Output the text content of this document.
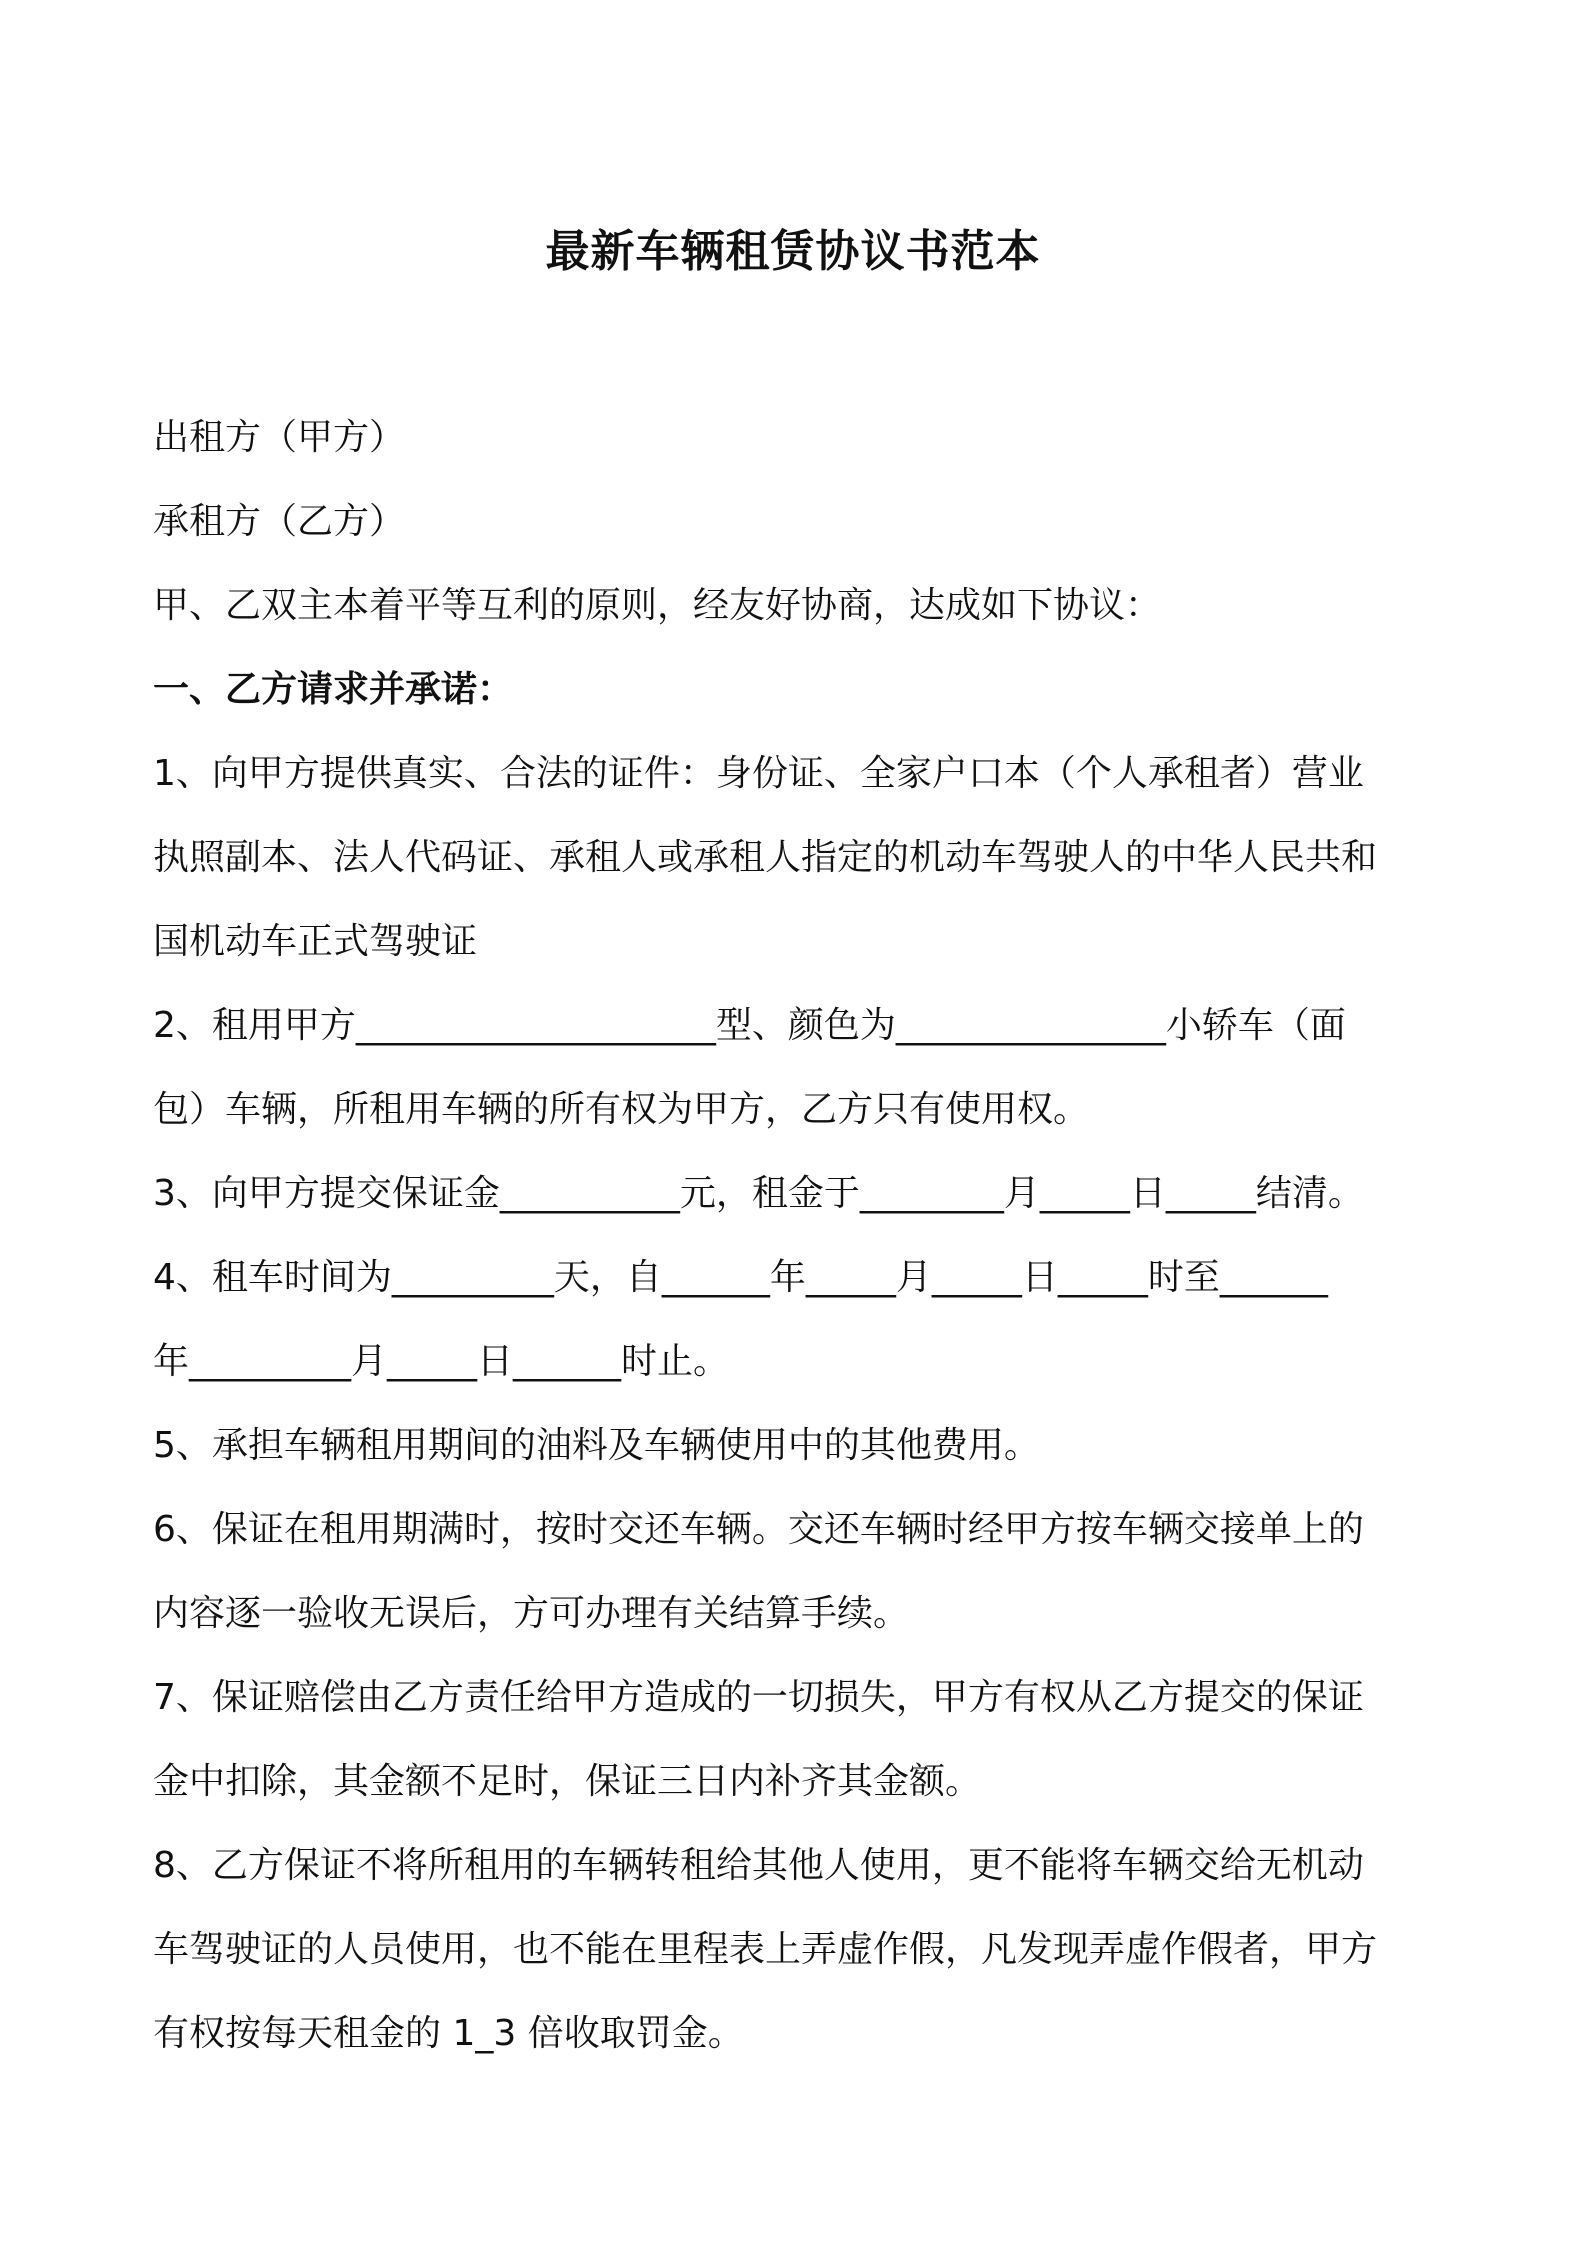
最新车辆租赁协议书范本

出租方（甲方）

承租方（乙方）

甲、乙双主本着平等互利的原则，经友好协商，达成如下协议：

一、乙方请求并承诺：

1、向甲方提供真实、合法的证件：身份证、全家户口本（个人承租者）营业
执照副本、法人代码证、承租人或承租人指定的机动车驾驶人的中华人民共和
国机动车正式驾驶证

2、租用甲方____________________型、颜色为_______________小轿车（面
包）车辆，所租用车辆的所有权为甲方，乙方只有使用权。

3、向甲方提交保证金__________元，租金于________月_____日_____结清。

4、租车时间为_________天，自______年_____月_____日_____时至______
年_________月_____日______时止。

5、承担车辆租用期间的油料及车辆使用中的其他费用。

6、保证在租用期满时，按时交还车辆。交还车辆时经甲方按车辆交接单上的
内容逐一验收无误后，方可办理有关结算手续。

7、保证赔偿由乙方责任给甲方造成的一切损失，甲方有权从乙方提交的保证
金中扣除，其金额不足时，保证三日内补齐其金额。

8、乙方保证不将所租用的车辆转租给其他人使用，更不能将车辆交给无机动
车驾驶证的人员使用，也不能在里程表上弄虚作假，凡发现弄虚作假者，甲方
有权按每天租金的 1_3 倍收取罚金。
